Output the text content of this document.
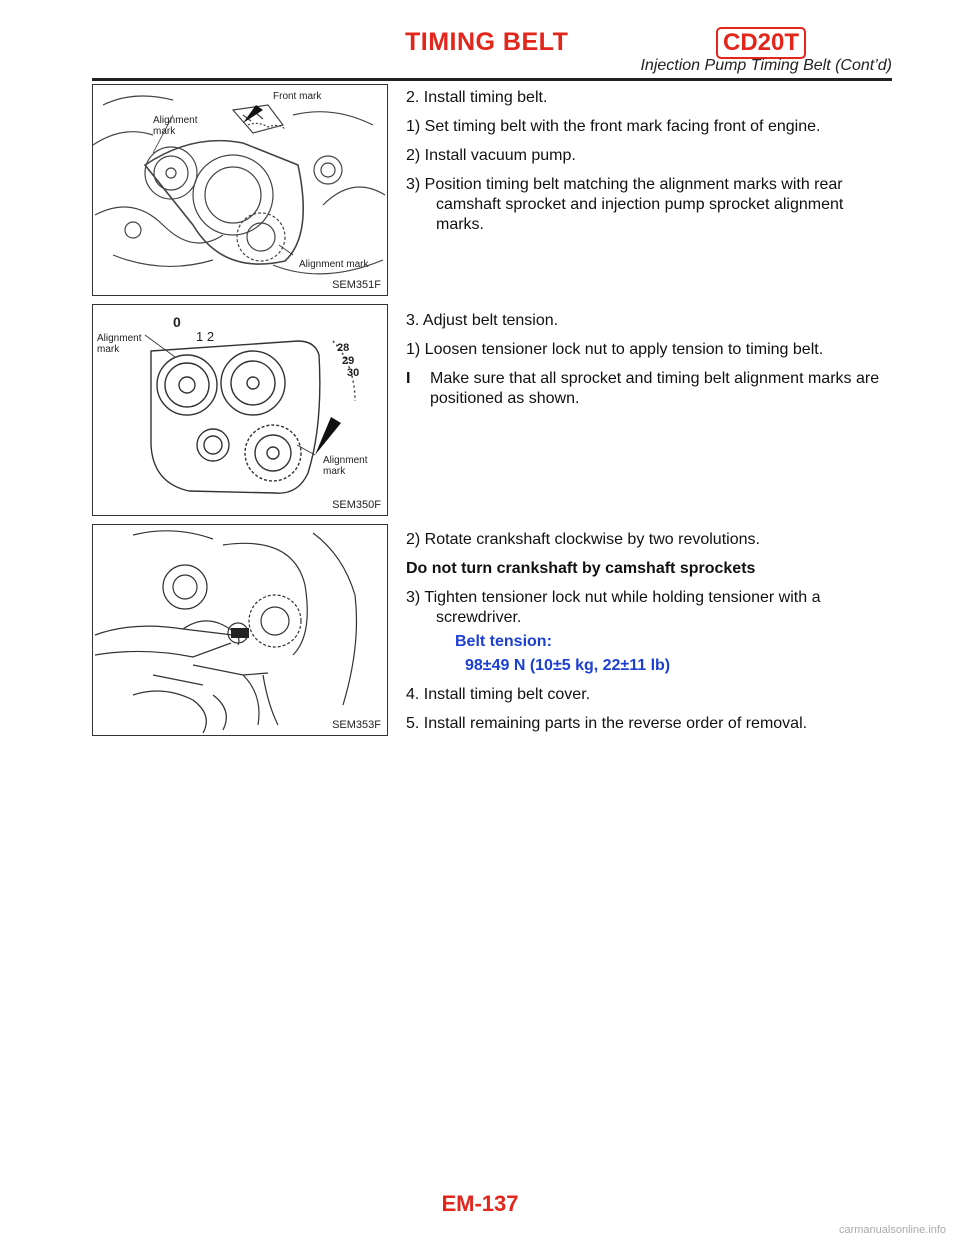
TIMING BELT	CD20T
Injection Pump Timing Belt (Cont’d)
Alignment
mark
Front mark
Alignment mark
SEM351F
Alignment
mark
0
1 2
28
29
30
Alignment
mark
SEM350F
SEM353F

2. Install timing belt.

1) Set timing belt with the front mark facing front of engine.

2) Install vacuum pump.

3) Position timing belt matching the alignment marks with rear camshaft sprocket and injection pump sprocket alignment marks.

3. Adjust belt tension.

1) Loosen tensioner lock nut to apply tension to timing belt.

I Make sure that all sprocket and timing belt alignment marks are positioned as shown.

2) Rotate crankshaft clockwise by two revolutions.

Do not turn crankshaft by camshaft sprockets

3) Tighten tensioner lock nut while holding tensioner with a screwdriver.

Belt tension:

98±49 N (10±5 kg, 22±11 lb)

4. Install timing belt cover.

5. Install remaining parts in the reverse order of removal.

EM-137
carmanualsonline.info
